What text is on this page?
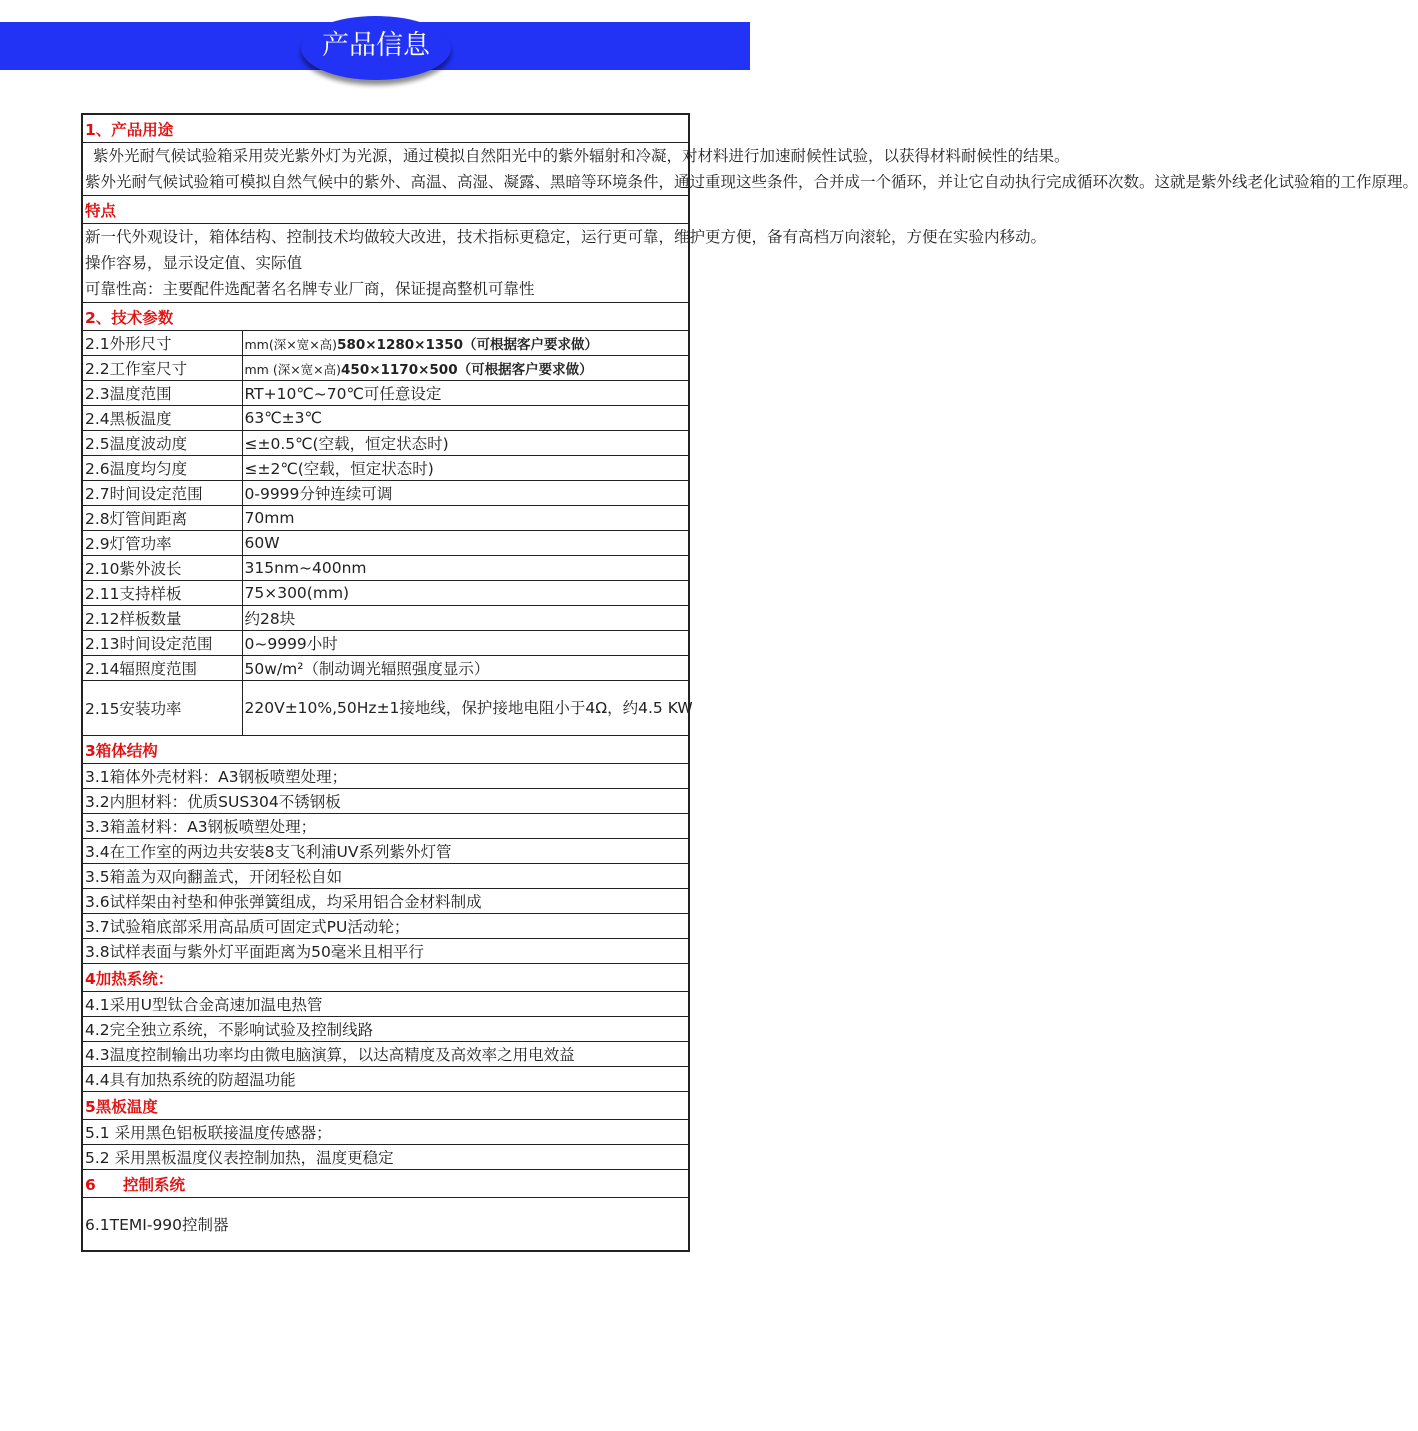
产品信息
1、产品用途

紫外光耐气候试验箱采用荧光紫外灯为光源，通过模拟自然阳光中的紫外辐射和冷凝，对材料进行加速耐候性试验，以获得材料耐候性的结果。
紫外光耐气候试验箱可模拟自然气候中的紫外、高温、高湿、凝露、黑暗等环境条件，通过重现这些条件，合并成一个循环，并让它自动执行完成循环次数。这就是紫外线老化试验箱的工作原理。

特点

新一代外观设计，箱体结构、控制技术均做较大改进，技术指标更稳定，运行更可靠，维护更方便，备有高档万向滚轮，方便在实验内移动。
操作容易，显示设定值、实际值
可靠性高：主要配件选配著名名牌专业厂商，保证提高整机可靠性

2、技术参数
2.1外形尺寸	mm(深×宽×高)580×1280×1350（可根据客户要求做）
2.2工作室尺寸	mm (深×宽×高)450×1170×500（可根据客户要求做）
2.3温度范围	RT+10℃~70℃可任意设定
2.4黑板温度	63℃±3℃
2.5温度波动度	≤±0.5℃(空载，恒定状态时)
2.6温度均匀度	≤±2℃(空载，恒定状态时)
2.7时间设定范围	0-9999分钟连续可调
2.8灯管间距离	70mm
2.9灯管功率	60W
2.10紫外波长	315nm~400nm
2.11支持样板	75×300(mm)
2.12样板数量	约28块
2.13时间设定范围	0~9999小时
2.14辐照度范围	50w/m²（制动调光辐照强度显示）
2.15安装功率	220V±10%,50Hz±1接地线，保护接地电阻小于4Ω，约4.5 KW
3箱体结构
3.1箱体外壳材料：A3钢板喷塑处理；
3.2内胆材料：优质SUS304不锈钢板
3.3箱盖材料：A3钢板喷塑处理；
3.4在工作室的两边共安装8支飞利浦UV系列紫外灯管
3.5箱盖为双向翻盖式，开闭轻松自如
3.6试样架由衬垫和伸张弹簧组成，均采用铝合金材料制成
3.7试验箱底部采用高品质可固定式PU活动轮；
3.8试样表面与紫外灯平面距离为50毫米且相平行
4加热系统：
4.1采用U型钛合金高速加温电热管
4.2完全独立系统，不影响试验及控制线路
4.3温度控制输出功率均由微电脑演算，以达高精度及高效率之用电效益
4.4具有加热系统的防超温功能
5黑板温度
5.1 采用黑色铝板联接温度传感器；
5.2 采用黑板温度仪表控制加热，温度更稳定
6 控制系统
6.1TEMI-990控制器
